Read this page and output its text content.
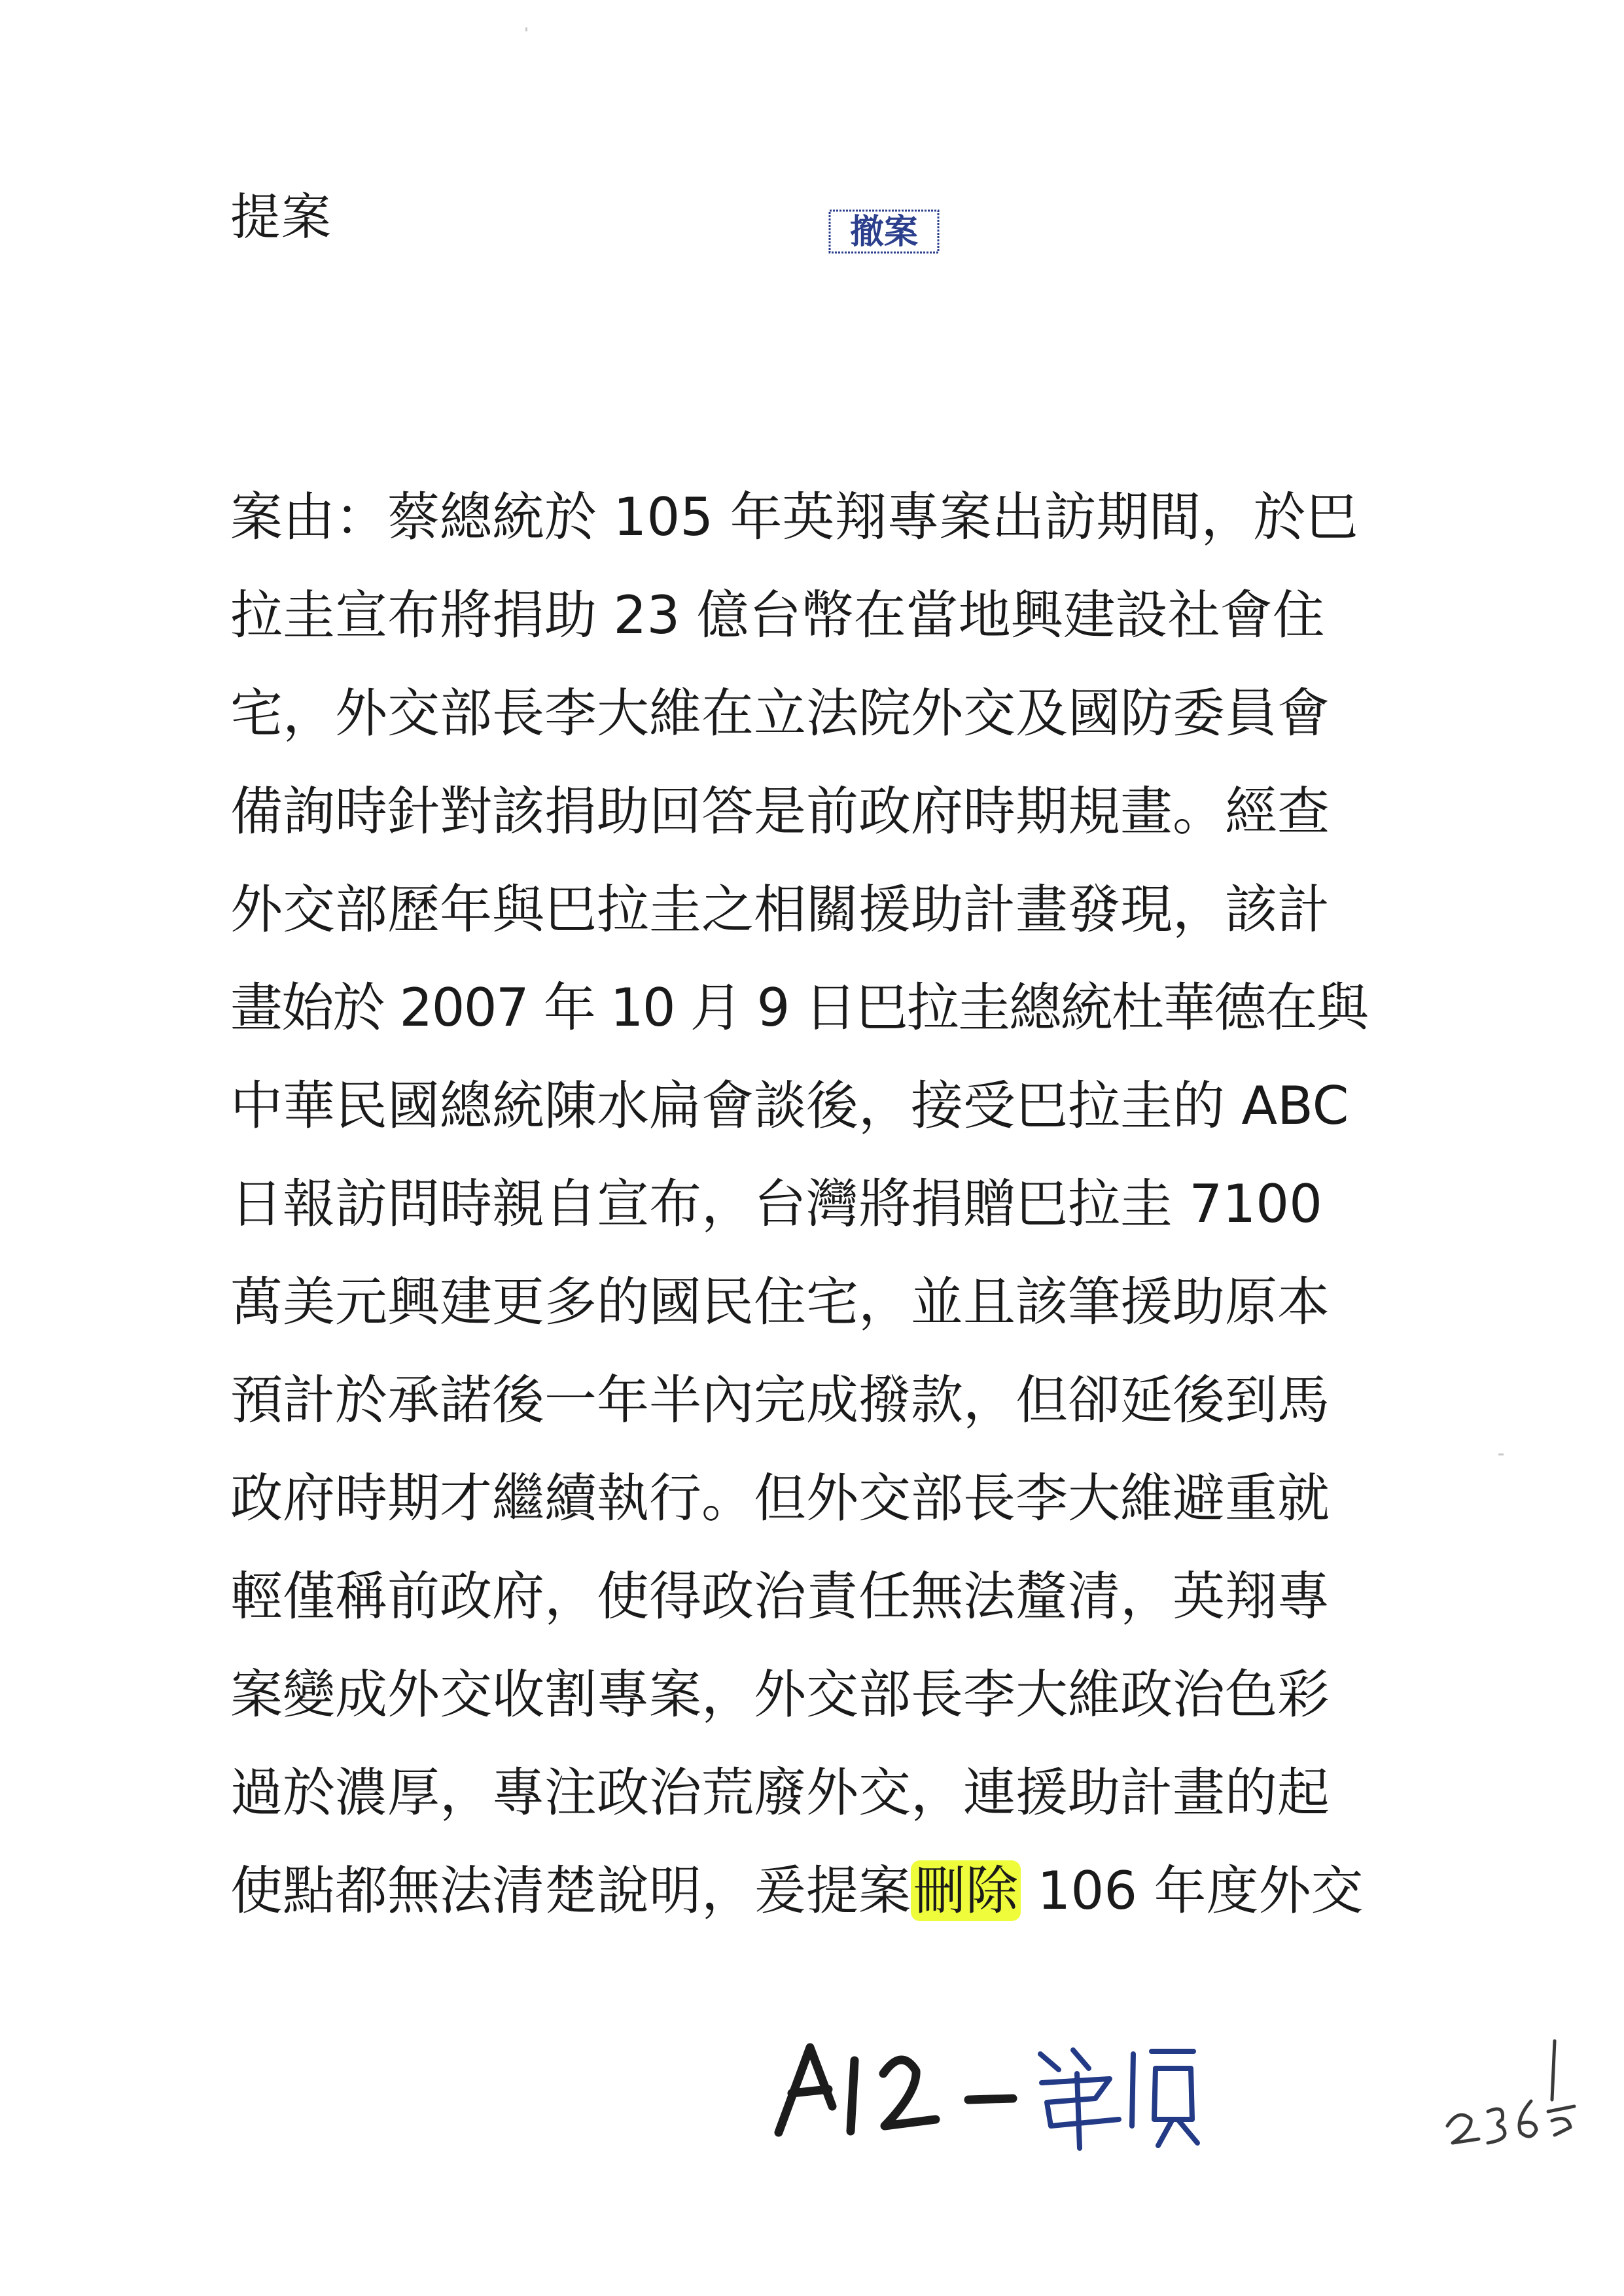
提案	撤案
案由：蔡總統於 105 年英翔專案出訪期間，於巴
拉圭宣布將捐助 23 億台幣在當地興建設社會住
宅，外交部長李大維在立法院外交及國防委員會
備詢時針對該捐助回答是前政府時期規畫。經查
外交部歷年與巴拉圭之相關援助計畫發現，該計
畫始於 2007 年 10 月 9 日巴拉圭總統杜華德在與
中華民國總統陳水扁會談後，接受巴拉圭的 ABC
日報訪問時親自宣布，台灣將捐贈巴拉圭 7100
萬美元興建更多的國民住宅，並且該筆援助原本
預計於承諾後一年半內完成撥款，但卻延後到馬
政府時期才繼續執行。但外交部長李大維避重就
輕僅稱前政府，使得政治責任無法釐清，英翔專
案變成外交收割專案，外交部長李大維政治色彩
過於濃厚，專注政治荒廢外交，連援助計畫的起
使點都無法清楚說明，爰提案刪除 106 年度外交
A12－第1頁	236
